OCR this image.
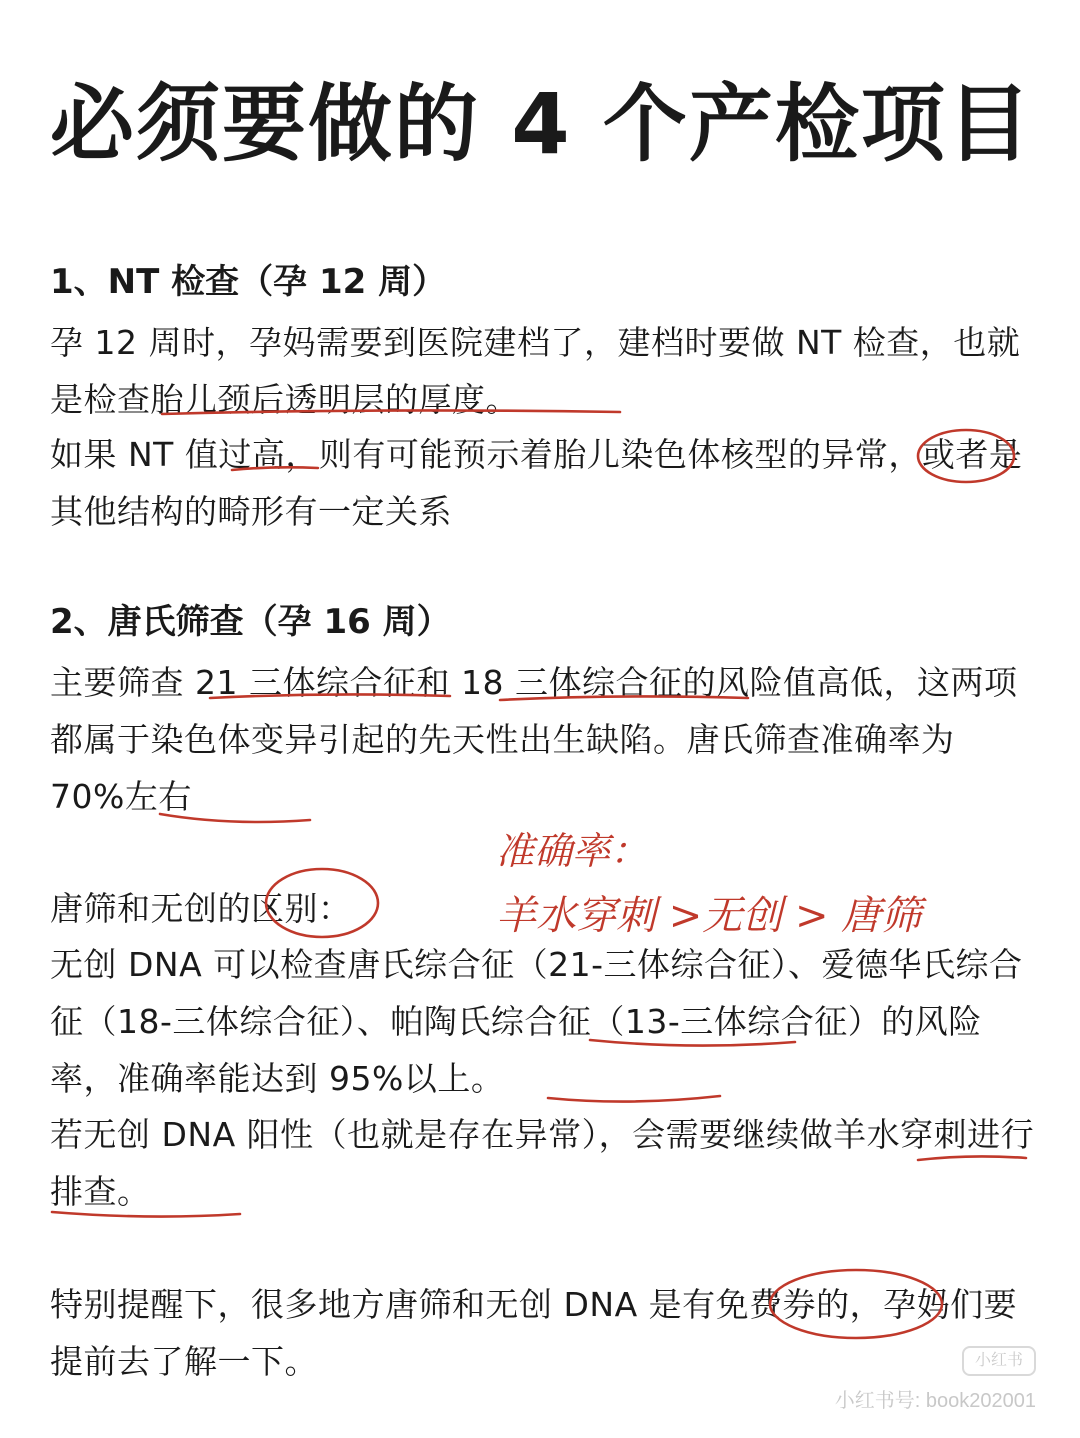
必须要做的 4 个产检项目
1、NT 检查（孕 12 周）

孕 12 周时，孕妈需要到医院建档了，建档时要做 NT 检查，也就是检查胎儿颈后透明层的厚度。

如果 NT 值过高，则有可能预示着胎儿染色体核型的异常，或者是其他结构的畸形有一定关系

2、唐氏筛查（孕 16 周）

主要筛查 21 三体综合征和 18 三体综合征的风险值高低，这两项都属于染色体变异引起的先天性出生缺陷。唐氏筛查准确率为 70%左右

唐筛和无创的区别：

无创 DNA 可以检查唐氏综合征（21-三体综合征）、爱德华氏综合征（18-三体综合征）、帕陶氏综合征（13-三体综合征）的风险率，准确率能达到 95%以上。

若无创 DNA 阳性（也就是存在异常），会需要继续做羊水穿刺进行排查。

特别提醒下，很多地方唐筛和无创 DNA 是有免费券的，孕妈们要提前去了解一下。

准确率：
羊水穿刺 >无创 > 唐筛
小红书
小红书号: book202001
